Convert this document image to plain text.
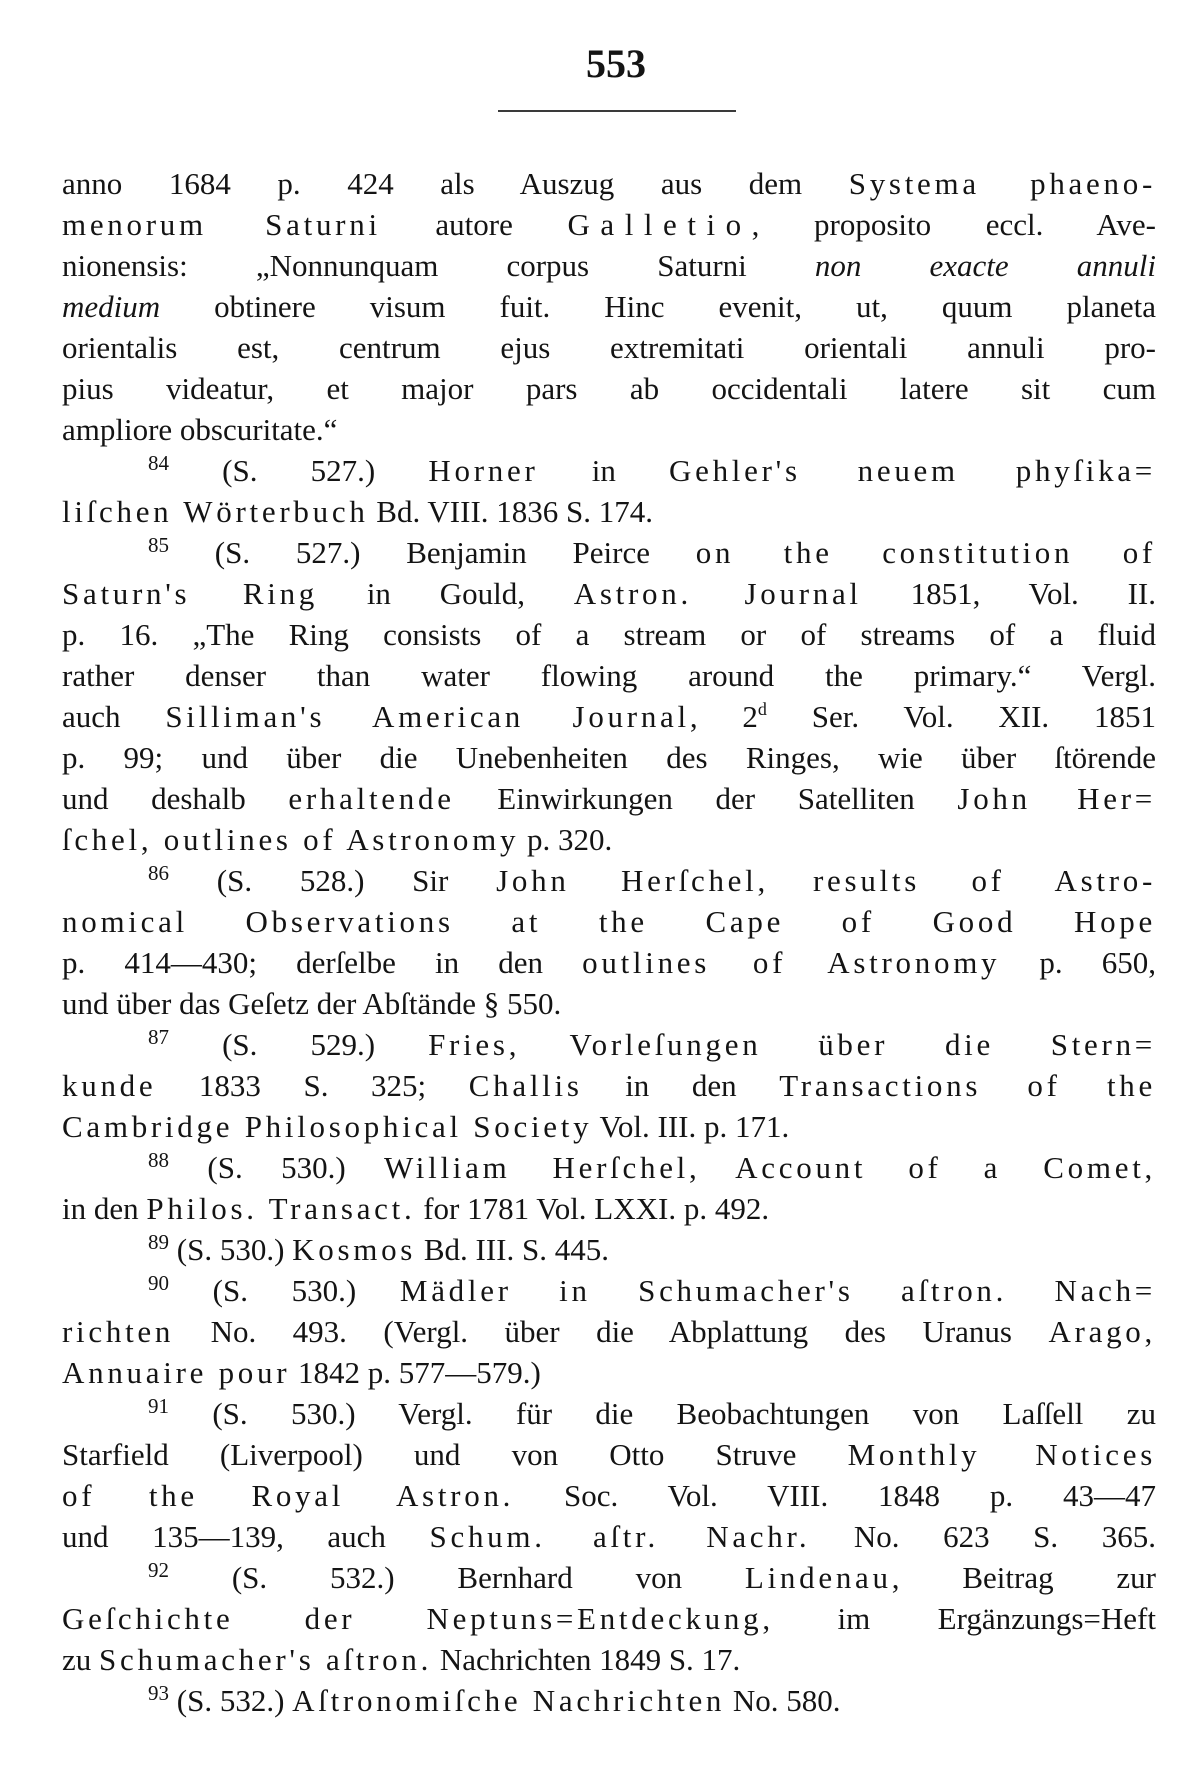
553
anno 1684 p. 424 als Auszug aus dem Systema phaeno-
menorum Saturni autore Galletio, proposito eccl. Ave-
nionensis: „Nonnunquam corpus Saturni non exacte annuli
medium obtinere visum fuit. Hinc evenit, ut, quum planeta
orientalis est, centrum ejus extremitati orientali annuli pro-
pius videatur, et major pars ab occidentali latere sit cum
ampliore obscuritate.“
$^{84}$ (S. 527.) Horner in Gehler's neuem phyſika=
liſchen Wörterbuch Bd. VIII. 1836 S. 174.
$^{85}$ (S. 527.) Benjamin Peirce on the constitution of
Saturn's Ring in Gould, Astron. Journal 1851, Vol. II.
p. 16. „The Ring consists of a stream or of streams of a fluid
rather denser than water flowing around the primary.“ Vergl.
auch Silliman's American Journal, 2$^d$ Ser. Vol. XII. 1851
p. 99; und über die Unebenheiten des Ringes, wie über ſtörende
und deshalb erhaltende Einwirkungen der Satelliten John Her=
ſchel, outlines of Astronomy p. 320.
$^{86}$ (S. 528.) Sir John Herſchel, results of Astro-
nomical Observations at the Cape of Good Hope
p. 414—430; derſelbe in den outlines of Astronomy p. 650,
und über das Geſetz der Abſtände § 550.
$^{87}$ (S. 529.) Fries, Vorleſungen über die Stern=
kunde 1833 S. 325; Challis in den Transactions of the
Cambridge Philosophical Society Vol. III. p. 171.
$^{88}$ (S. 530.) William Herſchel, Account of a Comet,
in den Philos. Transact. for 1781 Vol. LXXI. p. 492.
$^{89}$ (S. 530.) Kosmos Bd. III. S. 445.
$^{90}$ (S. 530.) Mädler in Schumacher's aſtron. Nach=
richten No. 493. (Vergl. über die Abplattung des Uranus Arago,
Annuaire pour 1842 p. 577—579.)
$^{91}$ (S. 530.) Vergl. für die Beobachtungen von Laſſell zu
Starfield (Liverpool) und von Otto Struve Monthly Notices
of the Royal Astron. Soc. Vol. VIII. 1848 p. 43—47
und 135—139, auch Schum. aſtr. Nachr. No. 623 S. 365.
$^{92}$ (S. 532.) Bernhard von Lindenau, Beitrag zur
Geſchichte der Neptuns=Entdeckung, im Ergänzungs=Heft
zu Schumacher's aſtron. Nachrichten 1849 S. 17.
$^{93}$ (S. 532.) Aſtronomiſche Nachrichten No. 580.
